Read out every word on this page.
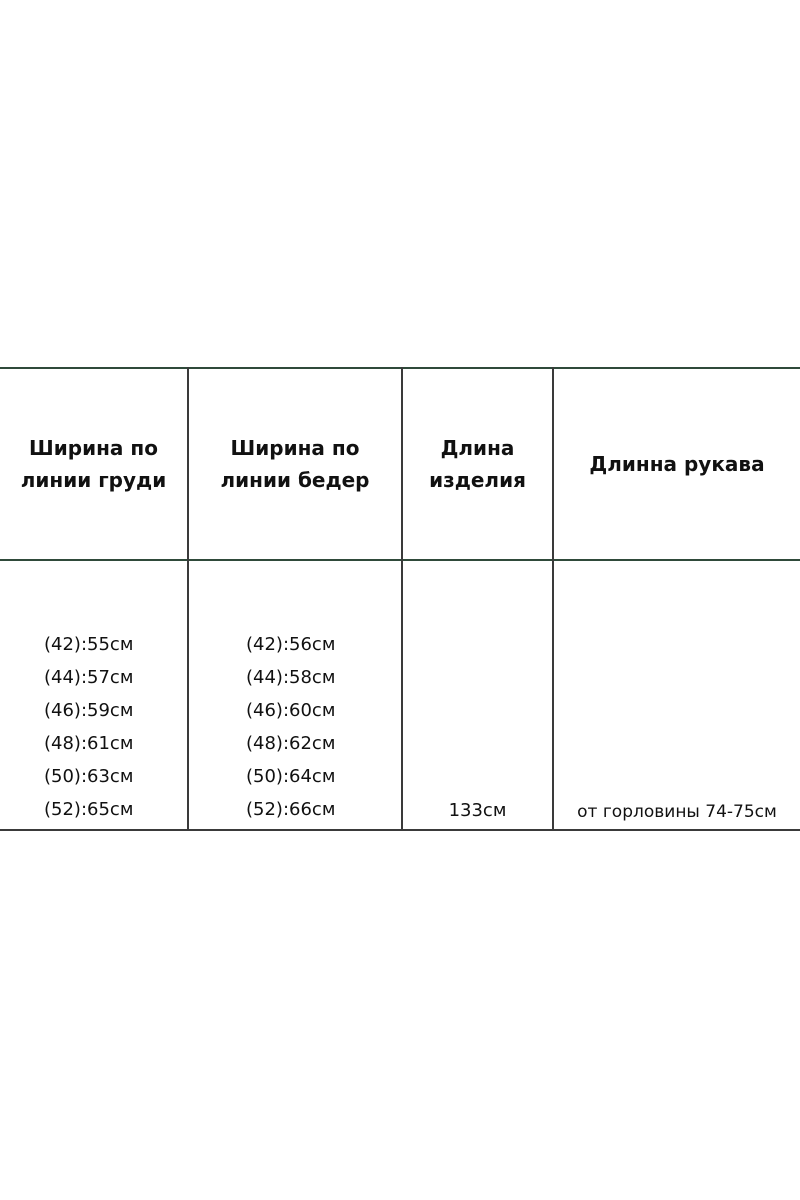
Ширина по
линии груди
Ширина по
линии бедер
Длина
изделия
Длинна рукава
(42):55см
(44):57см
(46):59см
(48):61см
(50):63см
(52):65см
(42):56см
(44):58см
(46):60см
(48):62см
(50):64см
(52):66см	133см	от горловины 74-75см
